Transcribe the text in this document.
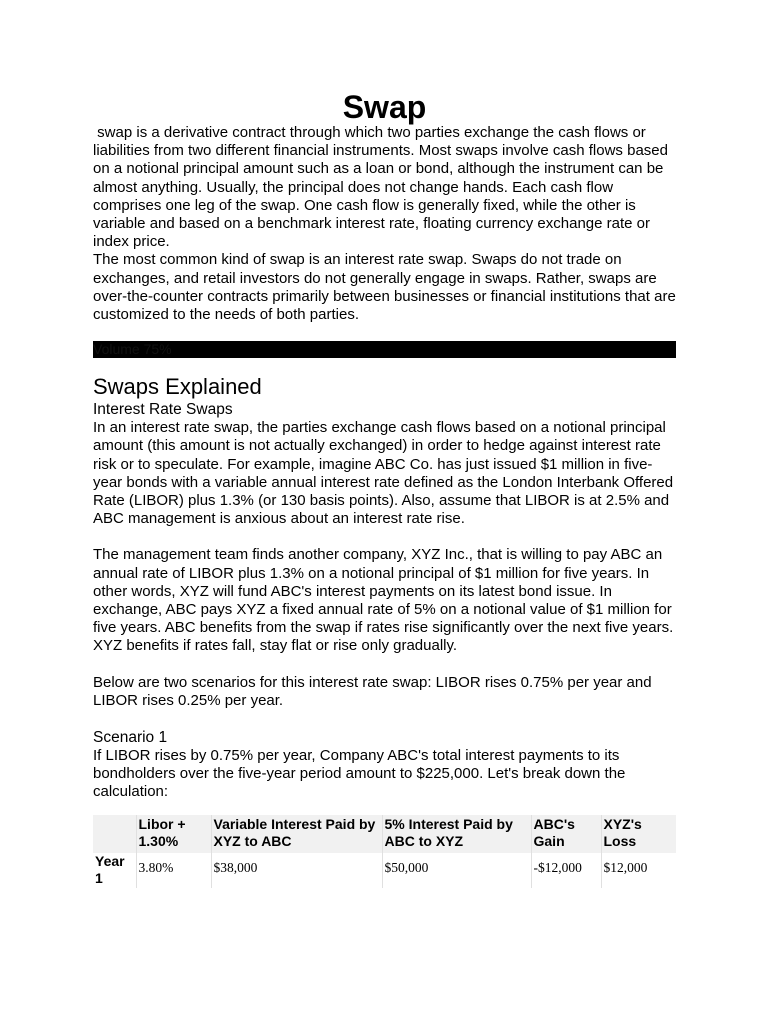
Swap

swap is a derivative contract through which two parties exchange the cash flows or liabilities from two different financial instruments. Most swaps involve cash flows based on a notional principal amount such as a loan or bond, although the instrument can be almost anything. Usually, the principal does not change hands. Each cash flow comprises one leg of the swap. One cash flow is generally fixed, while the other is variable and based on a benchmark interest rate, floating currency exchange rate or index price.

The most common kind of swap is an interest rate swap. Swaps do not trade on exchanges, and retail investors do not generally engage in swaps. Rather, swaps are over-the-counter contracts primarily between businesses or financial institutions that are customized to the needs of both parties.

Volume 75%
Swaps Explained
Interest Rate Swaps

In an interest rate swap, the parties exchange cash flows based on a notional principal amount (this amount is not actually exchanged) in order to hedge against interest rate risk or to speculate. For example, imagine ABC Co. has just issued $1 million in five-year bonds with a variable annual interest rate defined as the London Interbank Offered Rate (LIBOR) plus 1.3% (or 130 basis points). Also, assume that LIBOR is at 2.5% and ABC management is anxious about an interest rate rise.

The management team finds another company, XYZ Inc., that is willing to pay ABC an annual rate of LIBOR plus 1.3% on a notional principal of $1 million for five years. In other words, XYZ will fund ABC's interest payments on its latest bond issue. In exchange, ABC pays XYZ a fixed annual rate of 5% on a notional value of $1 million for five years. ABC benefits from the swap if rates rise significantly over the next five years. XYZ benefits if rates fall, stay flat or rise only gradually.

Below are two scenarios for this interest rate swap: LIBOR rises 0.75% per year and LIBOR rises 0.25% per year.

Scenario 1

If LIBOR rises by 0.75% per year, Company ABC's total interest payments to its bondholders over the five-year period amount to $225,000. Let's break down the calculation:

	Libor + 1.30%	Variable Interest Paid by XYZ to ABC	5% Interest Paid by ABC to XYZ	ABC's Gain	XYZ's Loss
Year 1	3.80%	$38,000	$50,000	-$12,000	$12,000
